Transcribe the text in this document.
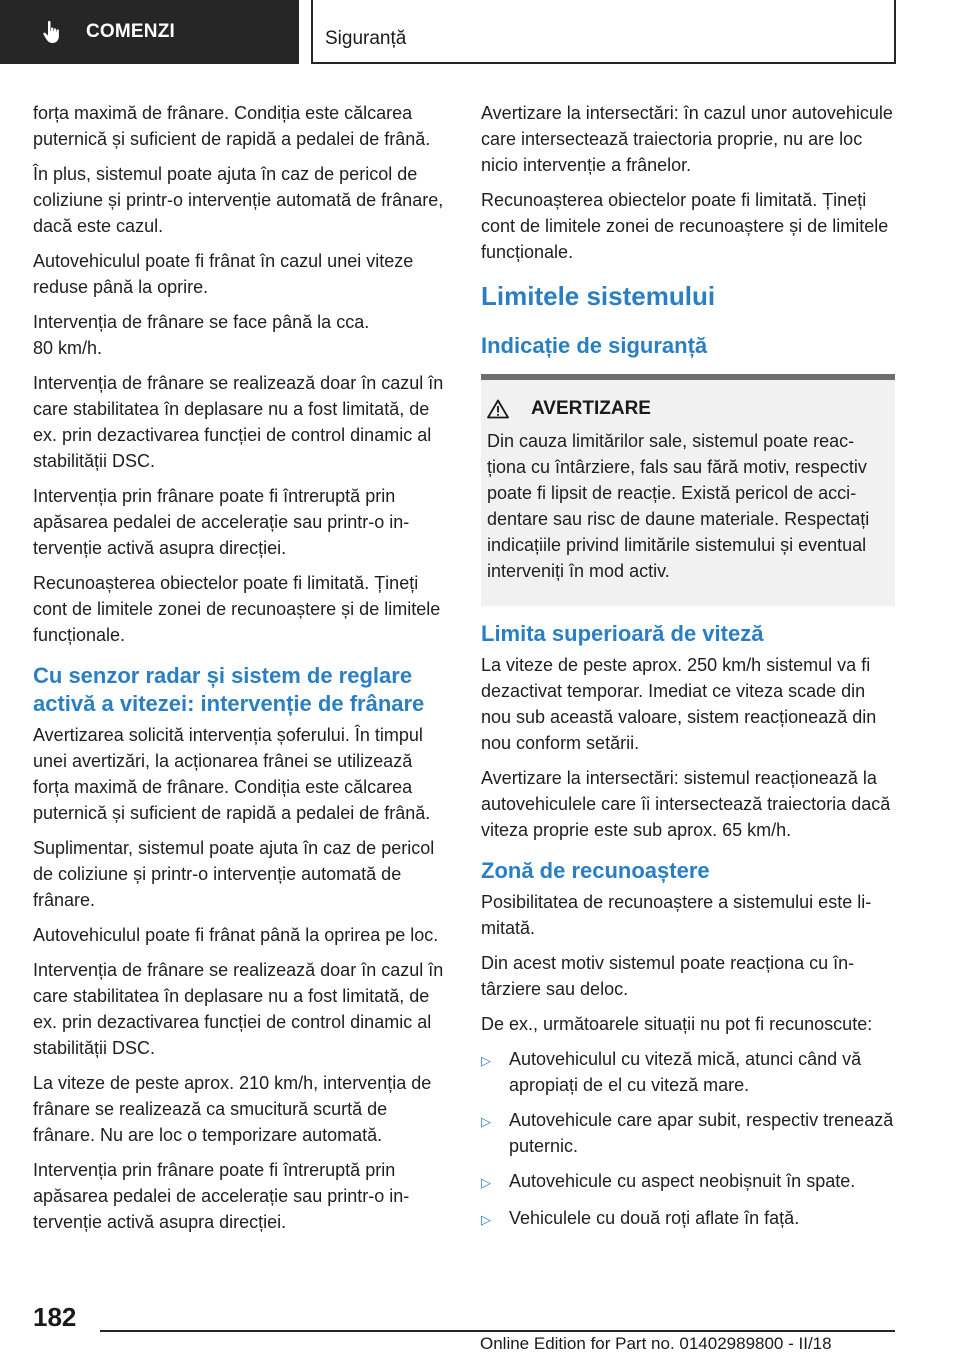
COMENZI	Siguranță

forța maximă de frânare. Condiția este călcarea puternică și suficient de rapidă a pedalei de frână.

În plus, sistemul poate ajuta în caz de pericol de coliziune și printr-o intervenție automată de frânare, dacă este cazul.

Autovehiculul poate fi frânat în cazul unei viteze reduse până la oprire.

Intervenția de frânare se face până la cca.
80 km/h.

Intervenția de frânare se realizează doar în cazul în care stabilitatea în deplasare nu a fost limitată, de ex. prin dezactivarea funcției de control dinamic al stabilității DSC.

Intervenția prin frânare poate fi întreruptă prin apăsarea pedalei de accelerație sau printr-o intervenție activă asupra direcției.

Recunoașterea obiectelor poate fi limitată. Țineți cont de limitele zonei de recunoaștere și de limitele funcționale.

Cu senzor radar și sistem de reglare activă a vitezei: intervenție de frânare

Avertizarea solicită intervenția șoferului. În timpul unei avertizări, la acționarea frânei se utilizează forța maximă de frânare. Condiția este călcarea puternică și suficient de rapidă a pedalei de frână.

Suplimentar, sistemul poate ajuta în caz de pericol de coliziune și printr-o intervenție automată de frânare.

Autovehiculul poate fi frânat până la oprirea pe loc.

Intervenția de frânare se realizează doar în cazul în care stabilitatea în deplasare nu a fost limitată, de ex. prin dezactivarea funcției de control dinamic al stabilității DSC.

La viteze de peste aprox. 210 km/h, intervenția de frânare se realizează ca smucitură scurtă de frânare. Nu are loc o temporizare automată.

Intervenția prin frânare poate fi întreruptă prin apăsarea pedalei de accelerație sau printr-o intervenție activă asupra direcției.

Avertizare la intersectări: în cazul unor autovehicule care intersectează traiectoria proprie, nu are loc nicio intervenție a frânelor.

Recunoașterea obiectelor poate fi limitată. Țineți cont de limitele zonei de recunoaștere și de limitele funcționale.

Limitele sistemului
Indicație de siguranță
AVERTIZARE

Din cauza limitărilor sale, sistemul poate reacționa cu întârziere, fals sau fără motiv, respectiv poate fi lipsit de reacție. Există pericol de accidentare sau risc de daune materiale. Respectați indicațiile privind limitările sistemului și eventual interveniți în mod activ.

Limita superioară de viteză

La viteze de peste aprox. 250 km/h sistemul va fi dezactivat temporar. Imediat ce viteza scade din nou sub această valoare, sistem reacționează din nou conform setării.

Avertizare la intersectări: sistemul reacționează la autovehiculele care îi intersectează traiectoria dacă viteza proprie este sub aprox. 65 km/h.

Zonă de recunoaștere

Posibilitatea de recunoaștere a sistemului este limitată.

Din acest motiv sistemul poate reacționa cu întârziere sau deloc.

De ex., următoarele situații nu pot fi recunoscute:

▷	Autovehiculul cu viteză mică, atunci când vă apropiați de el cu viteză mare.
▷	Autovehicule care apar subit, respectiv trenează puternic.
▷	Autovehicule cu aspect neobișnuit în spate.
▷	Vehiculele cu două roți aflate în față.
182
Online Edition for Part no. 01402989800 - II/18
